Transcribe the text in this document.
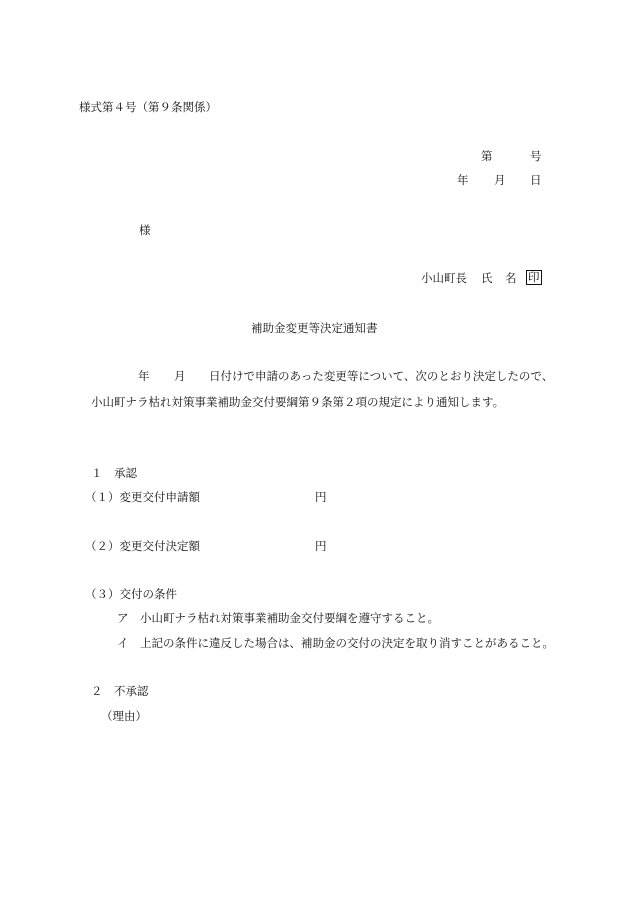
様式第４号（第９条関係）
第	号
年 月 日
様
小山町長 氏 名 印
補助金変更等決定通知書
年 月 日付けで申請のあった変更等について、次のとおり決定したので、
小山町ナラ枯れ対策事業補助金交付要綱第９条第２項の規定により通知します。
１　承認
（１）変更交付申請額	円
（２）変更交付決定額	円
（３）交付の条件
ア　小山町ナラ枯れ対策事業補助金交付要綱を遵守すること。
イ　上記の条件に違反した場合は、補助金の交付の決定を取り消すことがあること。
２　不承認
（理由）
